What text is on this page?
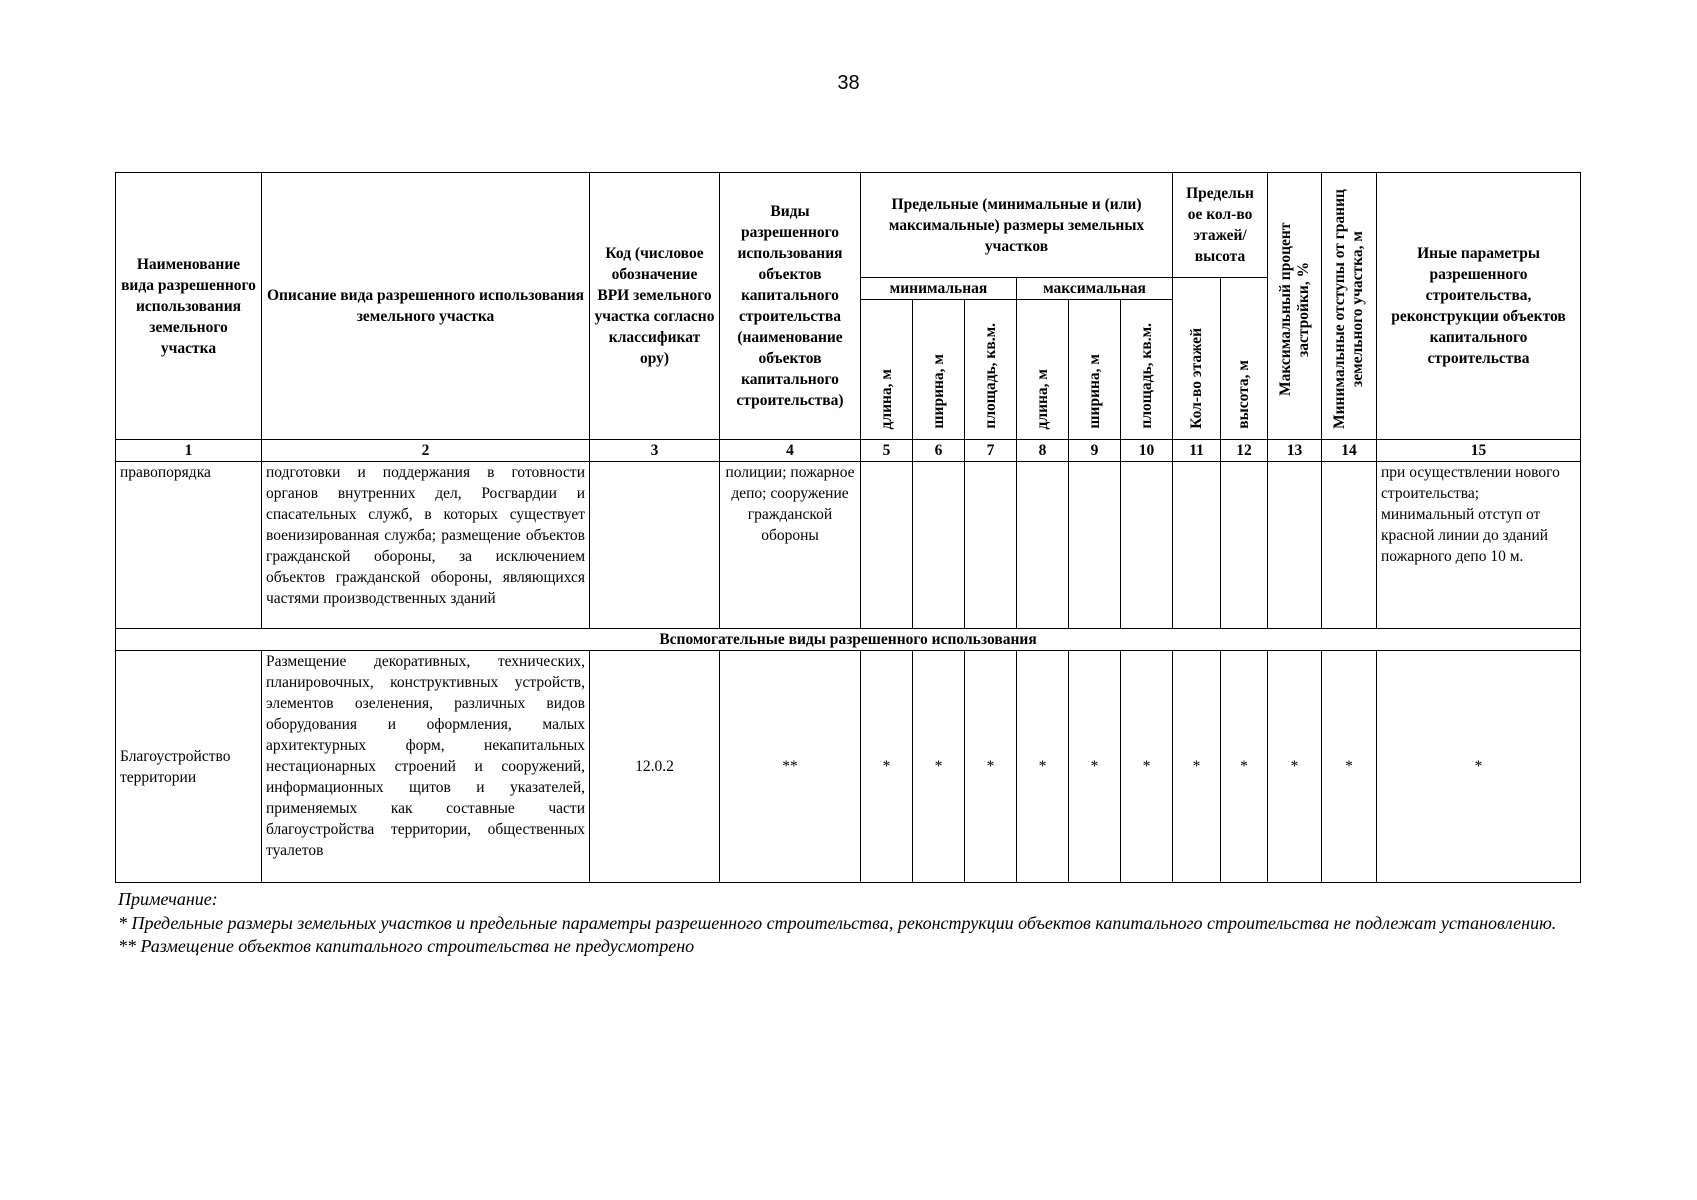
38
Наименование вида разрешенного использования земельного участка	Описание вида разрешенного использования земельного участка	Код (числовое обозначение ВРИ земельного участка согласно классификат ору)	Виды разрешенного использования объектов капитального строительства (наименование объектов капитального строительства)	Предельные (минимальные и (или) максимальные) размеры земельных участков						Предельн ое кол-во этажей/ высота		Максимальный процент застройки, %	Минимальные отступы от границ земельного участка, м	Иные параметры разрешенного строительства, реконструкции объектов капитального строительства
				минимальная			максимальная			Кол-во этажей	высота, м			
				длина, м	ширина, м	площадь, кв.м.	длина, м	ширина, м	площадь, кв.м.					
1	2	3	4	5	6	7	8	9	10	11	12	13	14	15
правопорядка	подготовки и поддержания в готовности органов внутренних дел, Росгвардии и спасательных служб, в которых существует военизированная служба; размещение объектов гражданской обороны, за исключением объектов гражданской обороны, являющихся частями производственных зданий		полиции; пожарное депо; сооружение гражданской обороны											при осуществлении нового строительства; минимальный отступ от красной линии до зданий пожарного депо 10 м.
Вспомогательные виды разрешенного использования														
Благоустройство территории	Размещение декоративных, технических, планировочных, конструктивных устройств, элементов озеленения, различных видов оборудования и оформления, малых архитектурных форм, некапитальных нестационарных строений и сооружений, информационных щитов и указателей, применяемых как составные части благоустройства территории, общественных туалетов	12.0.2	**	*	*	*	*	*	*	*	*	*	*	*
Примечание:
* Предельные размеры земельных участков и предельные параметры разрешенного строительства, реконструкции объектов капитального строительства не подлежат установлению.
** Размещение объектов капитального строительства не предусмотрено
